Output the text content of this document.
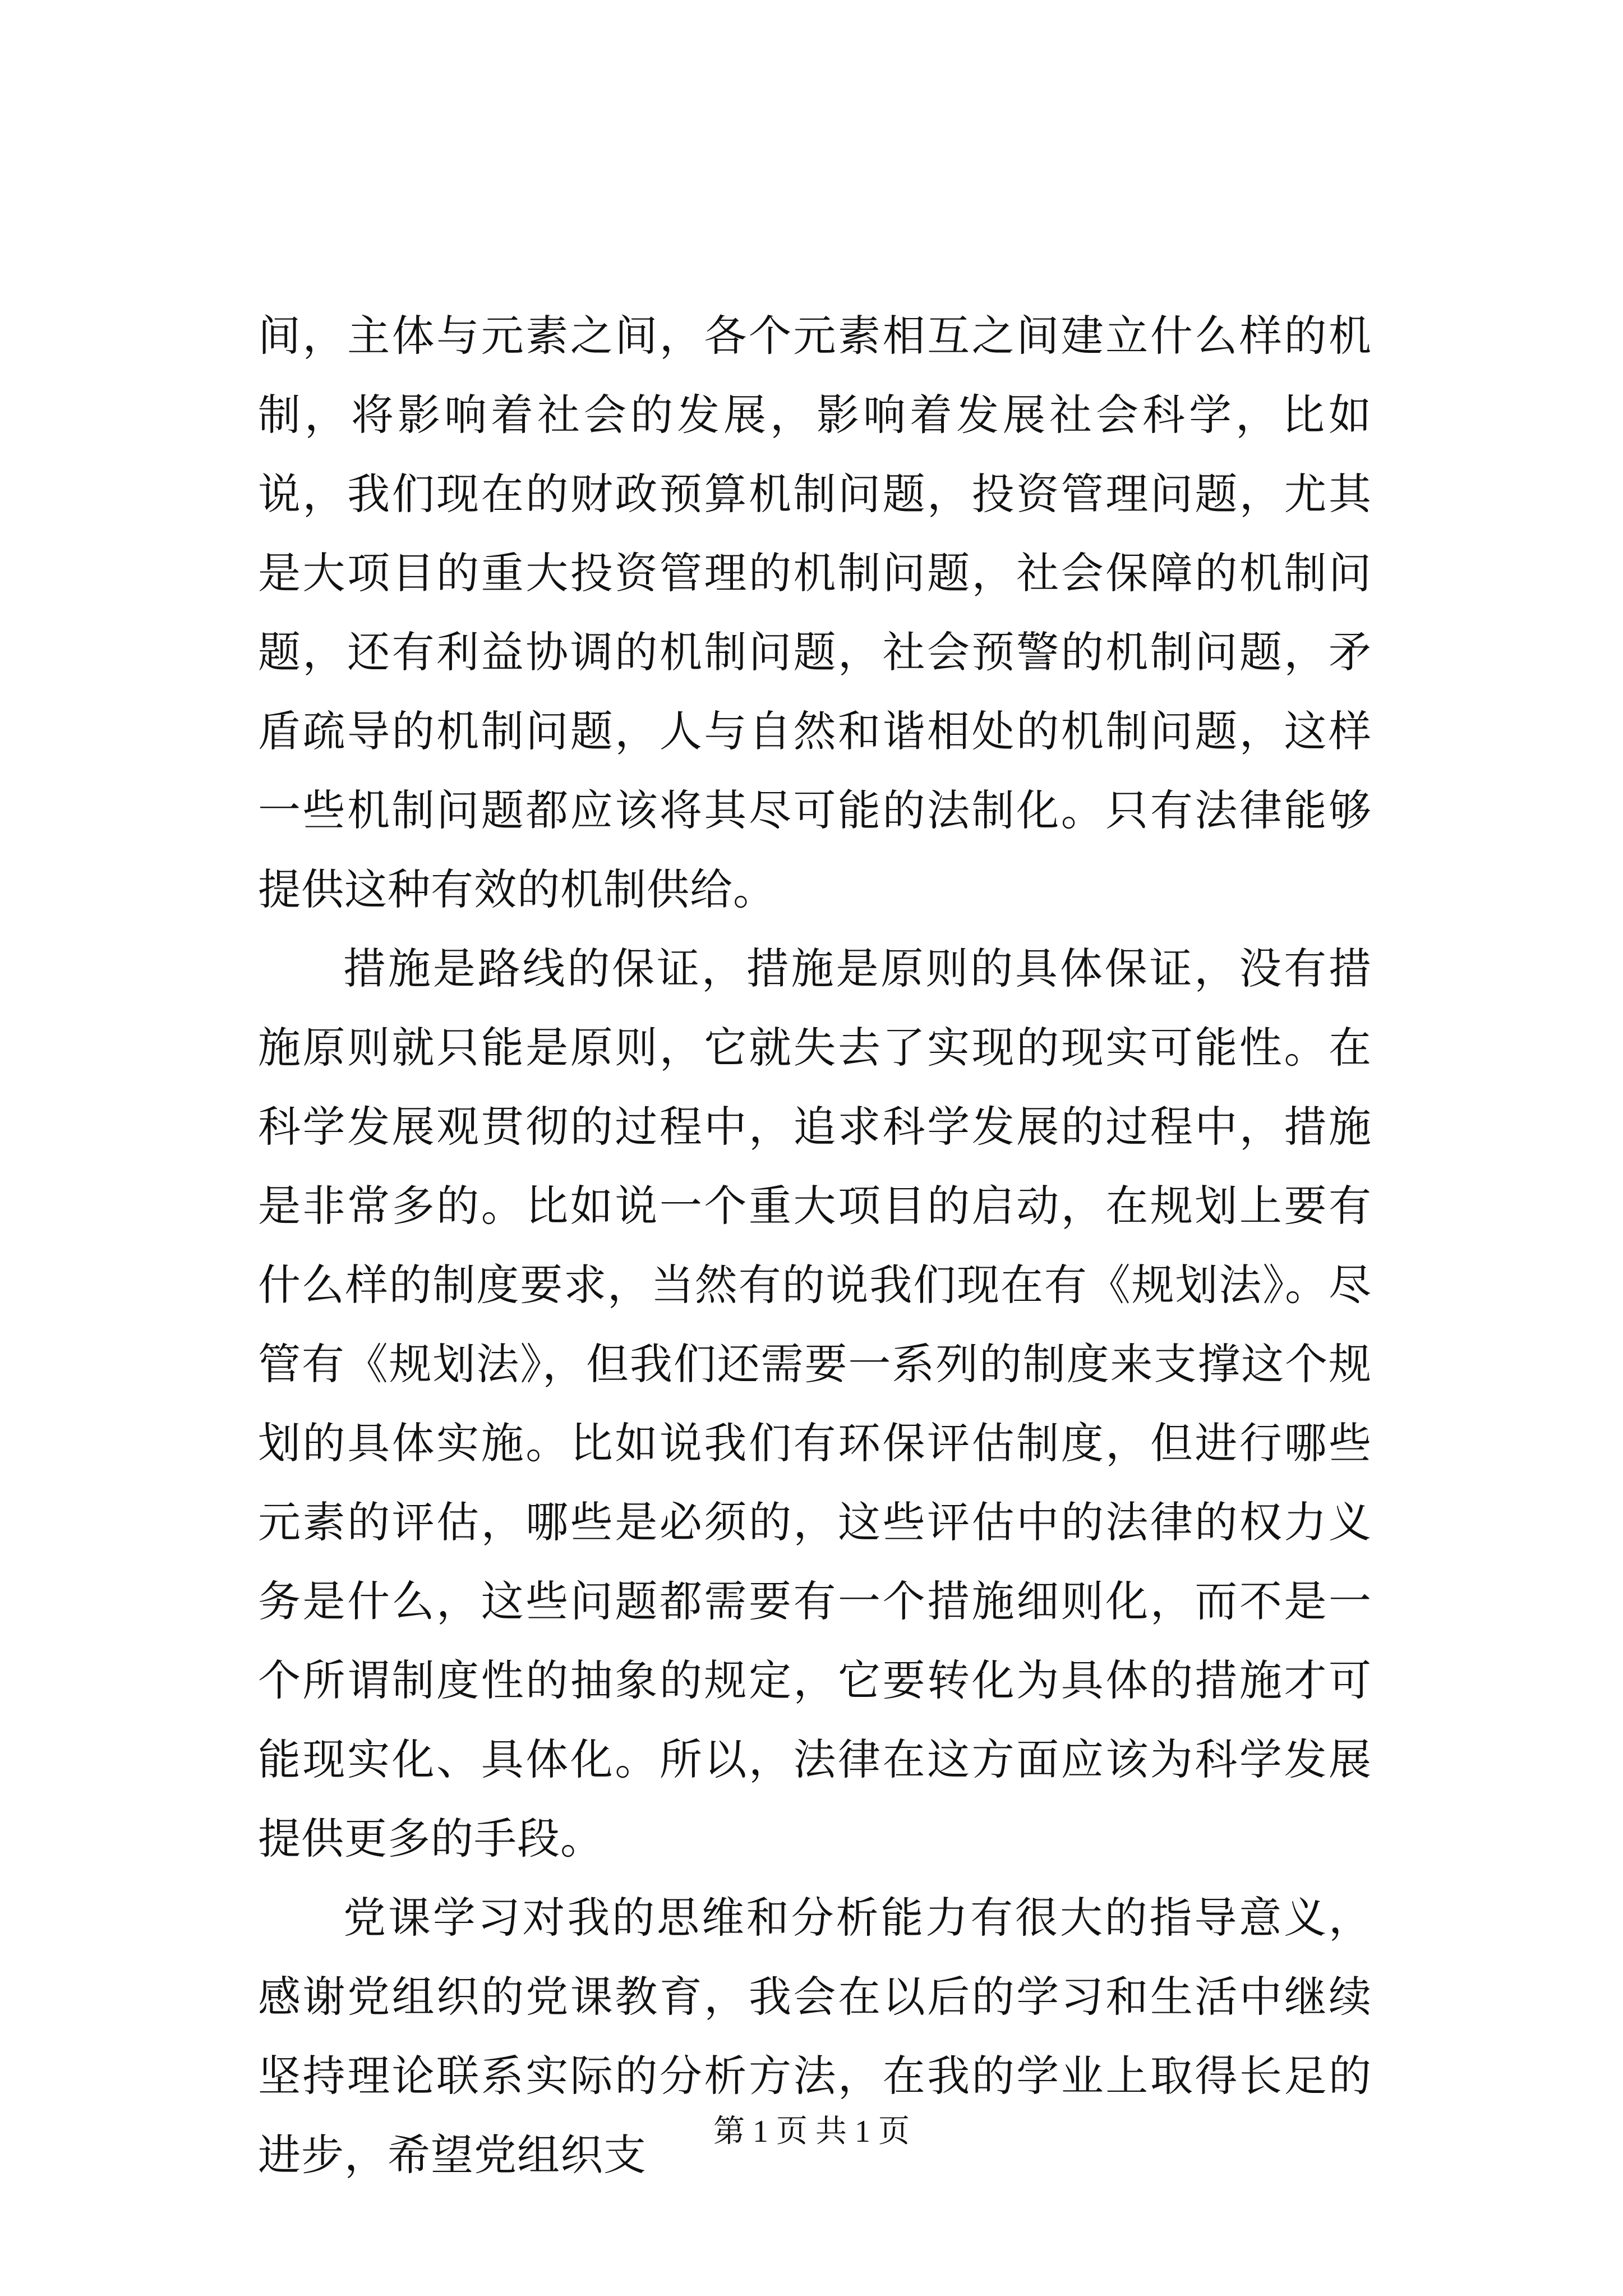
间，主体与元素之间，各个元素相互之间建立什么样的机制，将影响着社会的发展，影响着发展社会科学，比如说，我们现在的财政预算机制问题，投资管理问题，尤其是大项目的重大投资管理的机制问题，社会保障的机制问题，还有利益协调的机制问题，社会预警的机制问题，矛盾疏导的机制问题，人与自然和谐相处的机制问题，这样一些机制问题都应该将其尽可能的法制化。只有法律能够提供这种有效的机制供给。

措施是路线的保证，措施是原则的具体保证，没有措施原则就只能是原则，它就失去了实现的现实可能性。在科学发展观贯彻的过程中，追求科学发展的过程中，措施是非常多的。比如说一个重大项目的启动，在规划上要有什么样的制度要求，当然有的说我们现在有《规划法》。尽管有《规划法》，但我们还需要一系列的制度来支撑这个规划的具体实施。比如说我们有环保评估制度，但进行哪些元素的评估，哪些是必须的，这些评估中的法律的权力义务是什么，这些问题都需要有一个措施细则化，而不是一个所谓制度性的抽象的规定，它要转化为具体的措施才可能现实化、具体化。所以，法律在这方面应该为科学发展提供更多的手段。

党课学习对我的思维和分析能力有很大的指导意义，感谢党组织的党课教育，我会在以后的学习和生活中继续坚持理论联系实际的分析方法，在我的学业上取得长足的进步，希望党组织支	第 1 页 共 1 页
